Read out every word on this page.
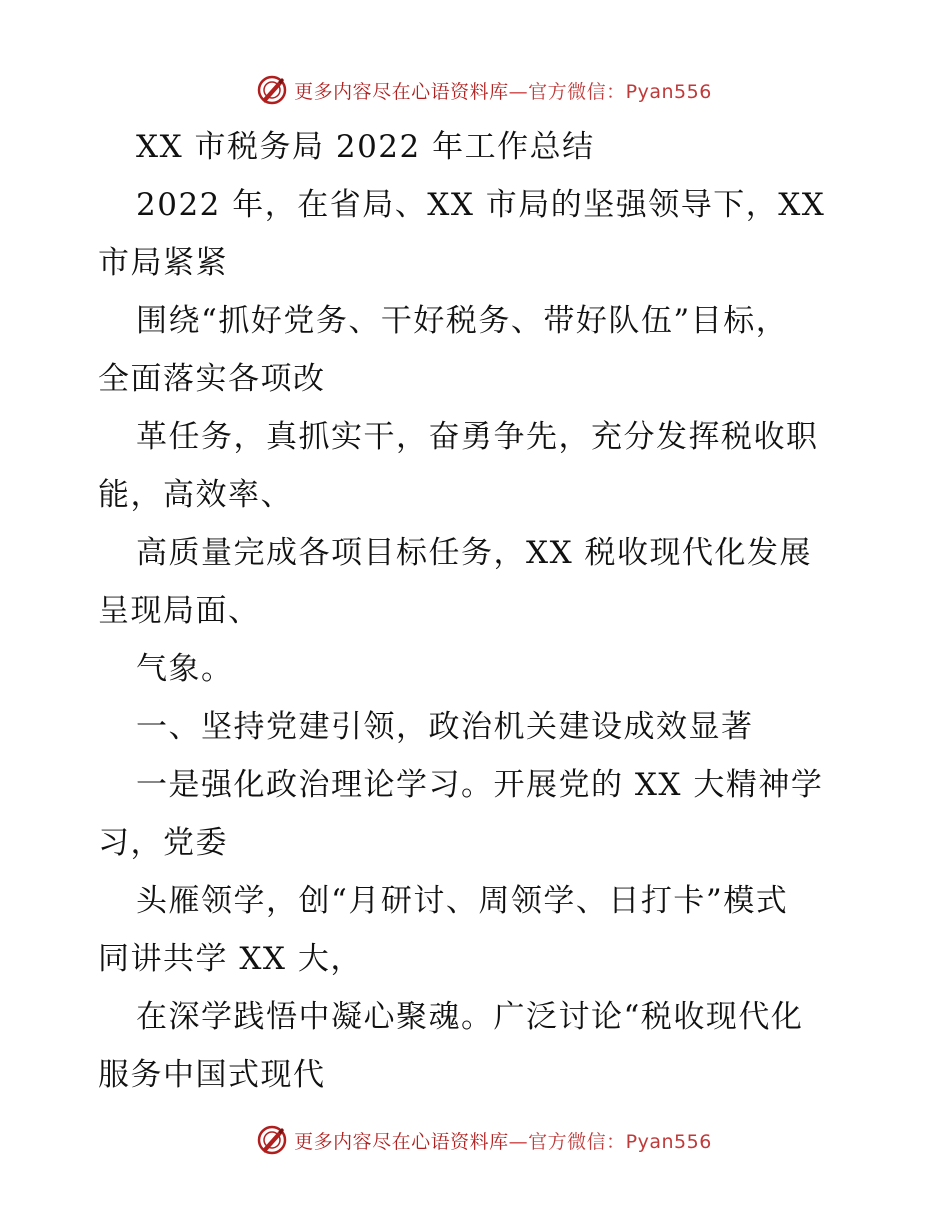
更多内容尽在心语资料库—官方微信：Pyan556
XX 市税务局 2022 年工作总结
2022 年，在省局、XX 市局的坚强领导下，XX
市局紧紧
围绕“抓好党务、干好税务、带好队伍”目标，
全面落实各项改
革任务，真抓实干，奋勇争先，充分发挥税收职
能，高效率、
高质量完成各项目标任务，XX 税收现代化发展
呈现局面、
气象。
一、坚持党建引领，政治机关建设成效显著
一是强化政治理论学习。开展党的 XX 大精神学
习，党委
头雁领学，创“月研讨、周领学、日打卡”模式
同讲共学 XX 大，
在深学践悟中凝心聚魂。广泛讨论“税收现代化
服务中国式现代
更多内容尽在心语资料库—官方微信：Pyan556
